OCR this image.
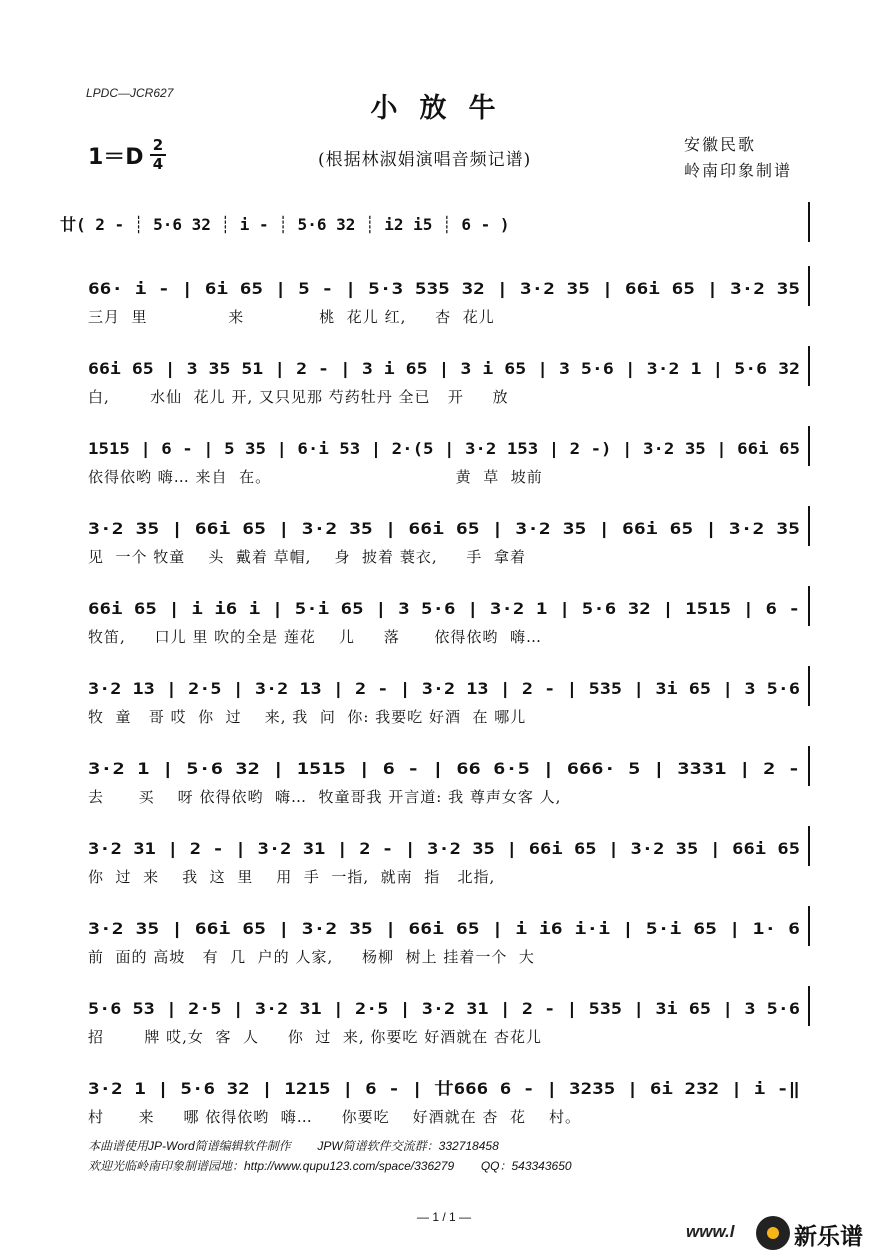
LPDC—JCR627	小放牛
1＝D 2
4	(根据林淑娟演唱音频记谱)
安徽民歌
岭南印象制谱
廿( 2 - ┊ 5·6 32 ┊ i - ┊ 5·6 32 ┊ i2 i5 ┊ 6 - )
66· i - | 6i 65 | 5 - | 5·3 535 32 | 3·2 35 | 66i 65 | 3·2 35
三月  里              来             桃  花儿 红,     杏  花儿
66i 65 | 3 35 51 | 2 - | 3 i 65 | 3 i 65 | 3 5·6 | 3·2 1 | 5·6 32
白,       水仙  花儿 开, 又只见那 芍药牡丹 全已   开     放
1515 | 6 - | 5 35 | 6·i 53 | 2·(5 | 3·2 153 | 2 -) | 3·2 35 | 66i 65
依得依哟 嗨… 来自  在。                                黄  草  坡前
3·2 35 | 66i 65 | 3·2 35 | 66i 65 | 3·2 35 | 66i 65 | 3·2 35
见  一个 牧童    头  戴着 草帽,    身  披着 蓑衣,     手  拿着
66i 65 | i i6 i | 5·i 65 | 3 5·6 | 3·2 1 | 5·6 32 | 1515 | 6 -
牧笛,     口儿 里 吹的全是 莲花    儿     落      依得依哟  嗨…
3·2 13 | 2·5 | 3·2 13 | 2 - | 3·2 13 | 2 - | 535 | 3i 65 | 3 5·6
牧  童   哥 哎  你  过    来, 我  问  你: 我要吃 好酒  在 哪儿
3·2 1 | 5·6 32 | 1515 | 6 - | 66 6·5 | 666· 5 | 3331 | 2 -
去      买    呀 依得依哟  嗨…  牧童哥我 开言道: 我 尊声女客 人,
3·2 31 | 2 - | 3·2 31 | 2 - | 3·2 35 | 66i 65 | 3·2 35 | 66i 65
你  过  来    我  这  里    用  手  一指,  就南  指   北指,
3·2 35 | 66i 65 | 3·2 35 | 66i 65 | i i6 i·i | 5·i 65 | 1· 6
前  面的 高坡   有  几  户的 人家,     杨柳  树上 挂着一个  大
5·6 53 | 2·5 | 3·2 31 | 2·5 | 3·2 31 | 2 - | 535 | 3i 65 | 3 5·6
招       牌 哎,女  客  人     你  过  来, 你要吃 好酒就在 杏花儿
3·2 1 | 5·6 32 | 1215 | 6 - | 廿666 6 - | 3235 | 6i 232 | i -‖
村      来     哪 依得依哟  嗨…     你要吃    好酒就在 杏  花    村。
本曲谱使用JP-Word简谱编辑软件制作        JPW简谱软件交流群：332718458
欢迎光临岭南印象制谱园地：http://www.qupu123.com/space/336279        QQ：543343650
— 1 / 1 —
www.l	新乐谱
